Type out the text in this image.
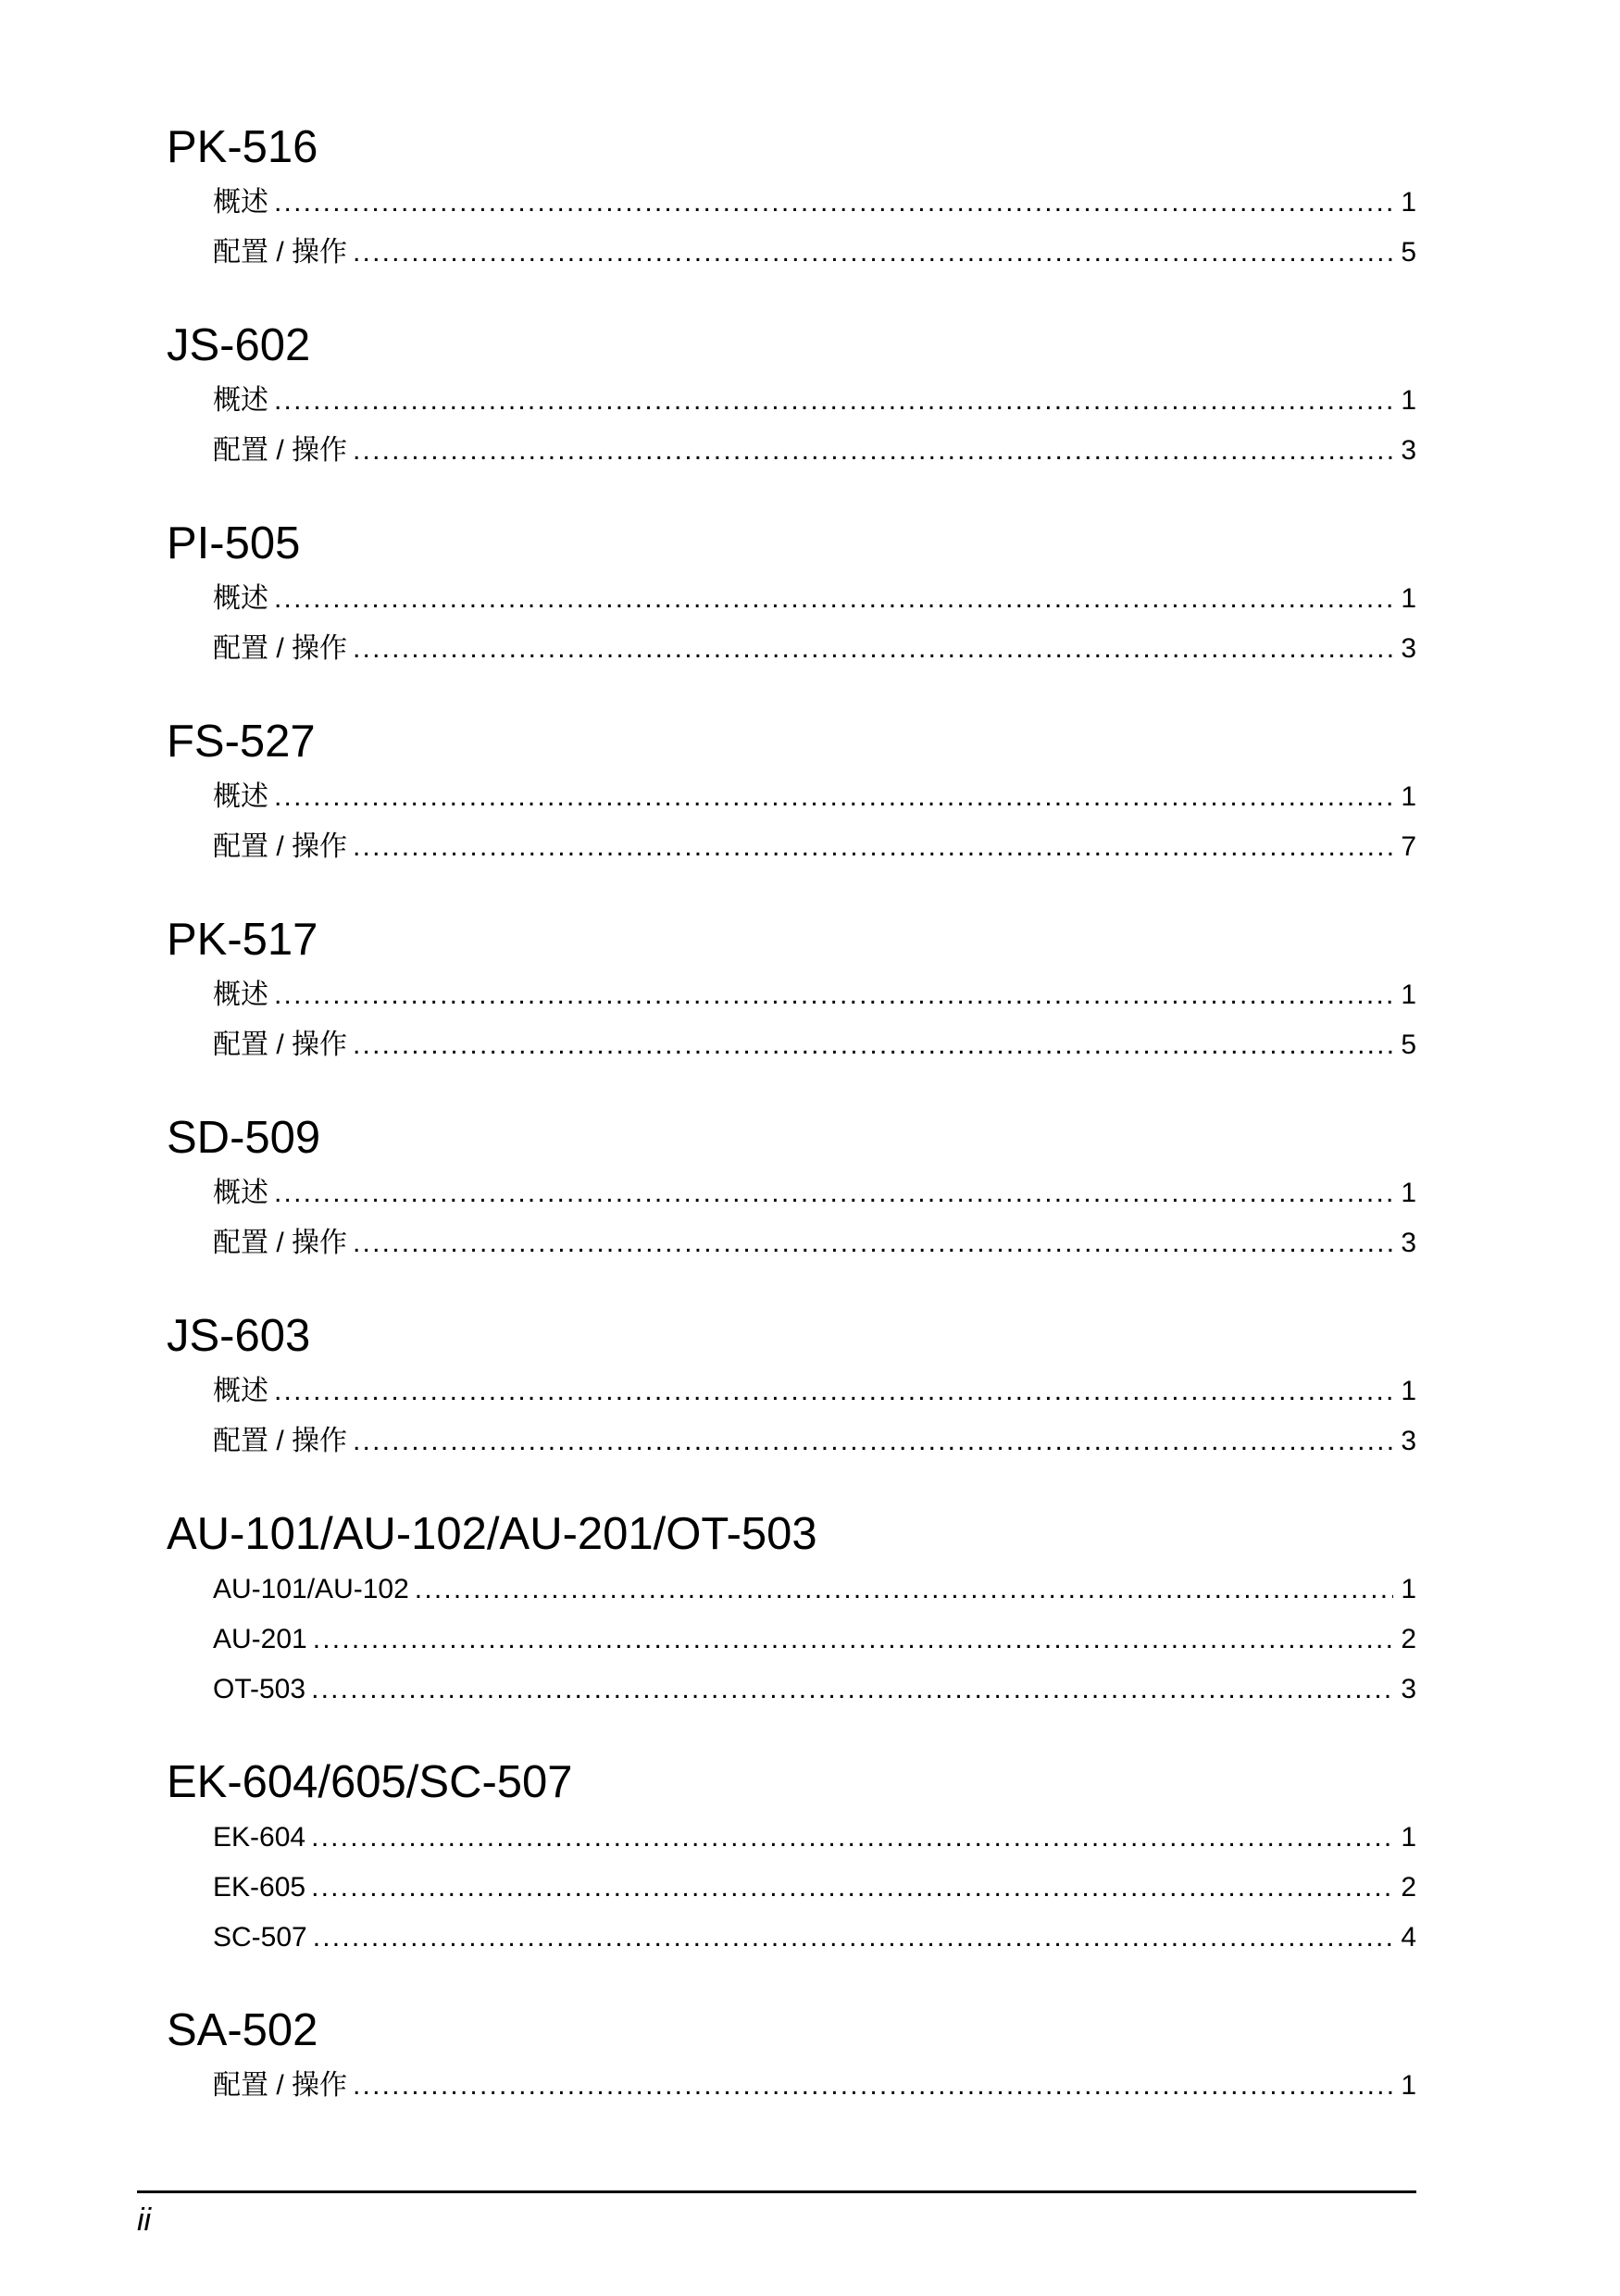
PK-516
概述 .....	1
配置 / 操作 .....	5
JS-602
概述 .....	1
配置 / 操作 .....	3
PI-505
概述 .....	1
配置 / 操作 .....	3
FS-527
概述 .....	1
配置 / 操作 .....	7
PK-517
概述 .....	1
配置 / 操作 .....	5
SD-509
概述 .....	1
配置 / 操作 .....	3
JS-603
概述 .....	1
配置 / 操作 .....	3
AU-101/AU-102/AU-201/OT-503
AU-101/AU-102 .....	1
AU-201 .....	2
OT-503 .....	3
EK-604/605/SC-507
EK-604 .....	1
EK-605 .....	2
SC-507 .....	4
SA-502
配置 / 操作 .....	1
ii
